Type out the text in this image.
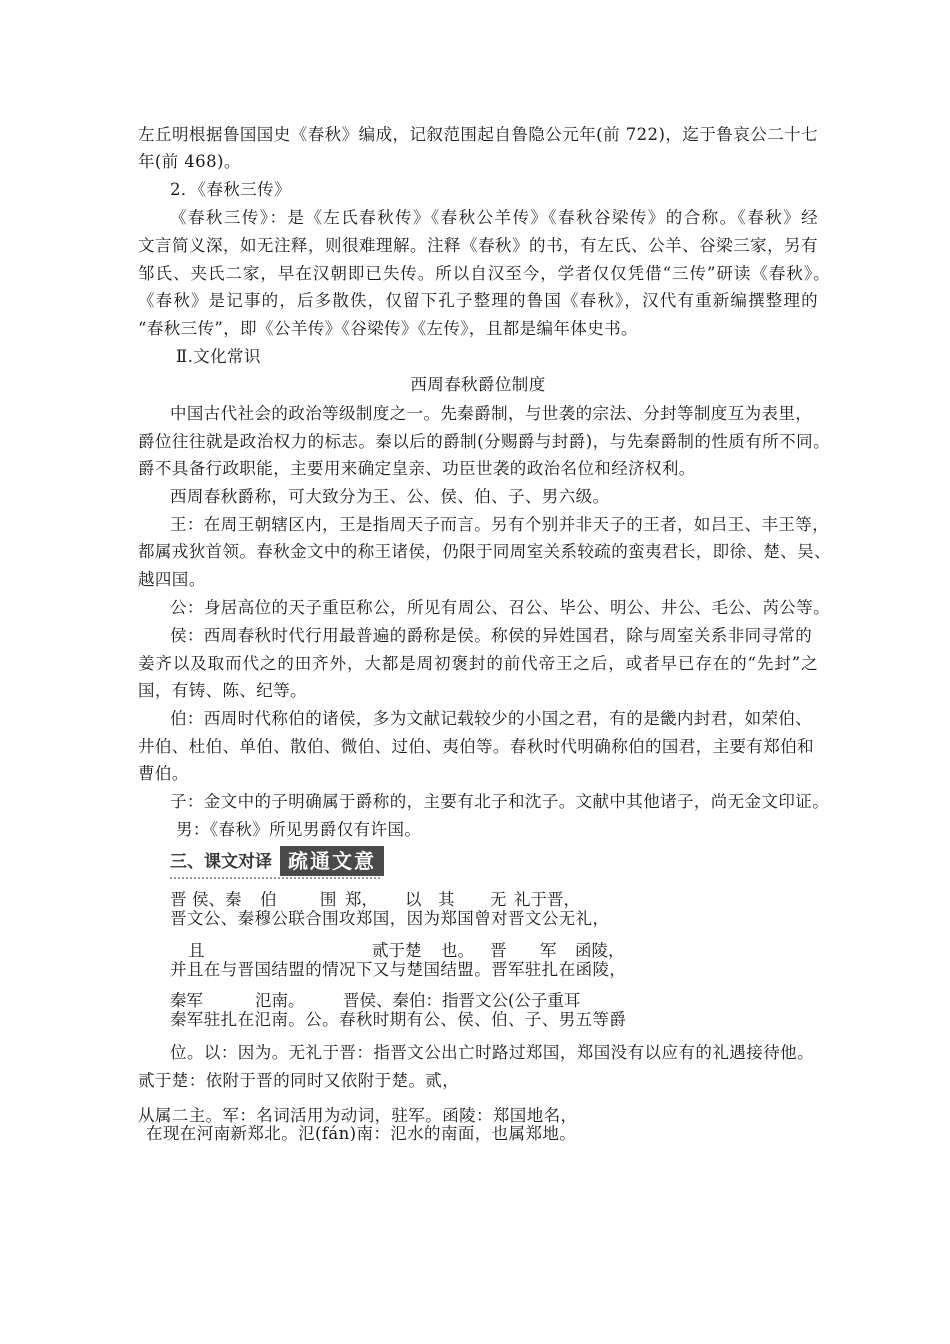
左丘明根据鲁国国史《春秋》编成，记叙范围起自鲁隐公元年(前 722)，迄于鲁哀公二十七
年(前 468)。
2．《春秋三传》
《春秋三传》：是《左氏春秋传》《春秋公羊传》《春秋谷梁传》的合称。《春秋》经
文言简义深，如无注释，则很难理解。注释《春秋》的书，有左氏、公羊、谷梁三家，另有
邹氏、夹氏二家，早在汉朝即已失传。所以自汉至今，学者仅仅凭借“三传”研读《春秋》。
《春秋》是记事的，后多散佚，仅留下孔子整理的鲁国《春秋》，汉代有重新编撰整理的
“春秋三传”，即《公羊传》《谷梁传》《左传》，且都是编年体史书。
Ⅱ.文化常识
西周春秋爵位制度
中国古代社会的政治等级制度之一。先秦爵制，与世袭的宗法、分封等制度互为表里，
爵位往往就是政治权力的标志。秦以后的爵制(分赐爵与封爵)，与先秦爵制的性质有所不同。
爵不具备行政职能，主要用来确定皇亲、功臣世袭的政治名位和经济权利。
西周春秋爵称，可大致分为王、公、侯、伯、子、男六级。
王：在周王朝辖区内，王是指周天子而言。另有个别并非天子的王者，如吕王、丰王等，
都属戎狄首领。春秋金文中的称王诸侯，仍限于同周室关系较疏的蛮夷君长，即徐、楚、吴、
越四国。
公：身居高位的天子重臣称公，所见有周公、召公、毕公、明公、井公、毛公、芮公等。
侯：西周春秋时代行用最普遍的爵称是侯。称侯的异姓国君，除与周室关系非同寻常的
姜齐以及取而代之的田齐外，大都是周初褒封的前代帝王之后，或者早已存在的“先封”之
国，有铸、陈、纪等。
伯：西周时代称伯的诸侯，多为文献记载较少的小国之君，有的是畿内封君，如荣伯、
井伯、杜伯、单伯、散伯、微伯、过伯、夷伯等。春秋时代明确称伯的国君，主要有郑伯和
曹伯。
子：金文中的子明确属于爵称的，主要有北子和沈子。文献中其他诸子，尚无金文印证。
男：《春秋》所见男爵仅有许国。
三、课文对译 疏通文意
晋 侯、秦 伯	围 郑， 以 其 无 礼于晋，
晋文公、秦穆公联合围攻郑国，因为郑国曾对晋文公无礼，
且	贰于楚 也。 晋 军 函陵，
并且在与晋国结盟的情况下又与楚国结盟。晋军驻扎在函陵，
秦军	氾南。 晋侯、秦伯：指晋文公(公子重耳
秦军驻扎在氾南。公。春秋时期有公、侯、伯、子、男五等爵
位。以：因为。无礼于晋：指晋文公出亡时路过郑国，郑国没有以应有的礼遇接待他。
贰于楚：依附于晋的同时又依附于楚。贰，
从属二主。军：名词活用为动词，驻军。函陵：郑国地名，
在现在河南新郑北。氾(fán)南：氾水的南面，也属郑地。
